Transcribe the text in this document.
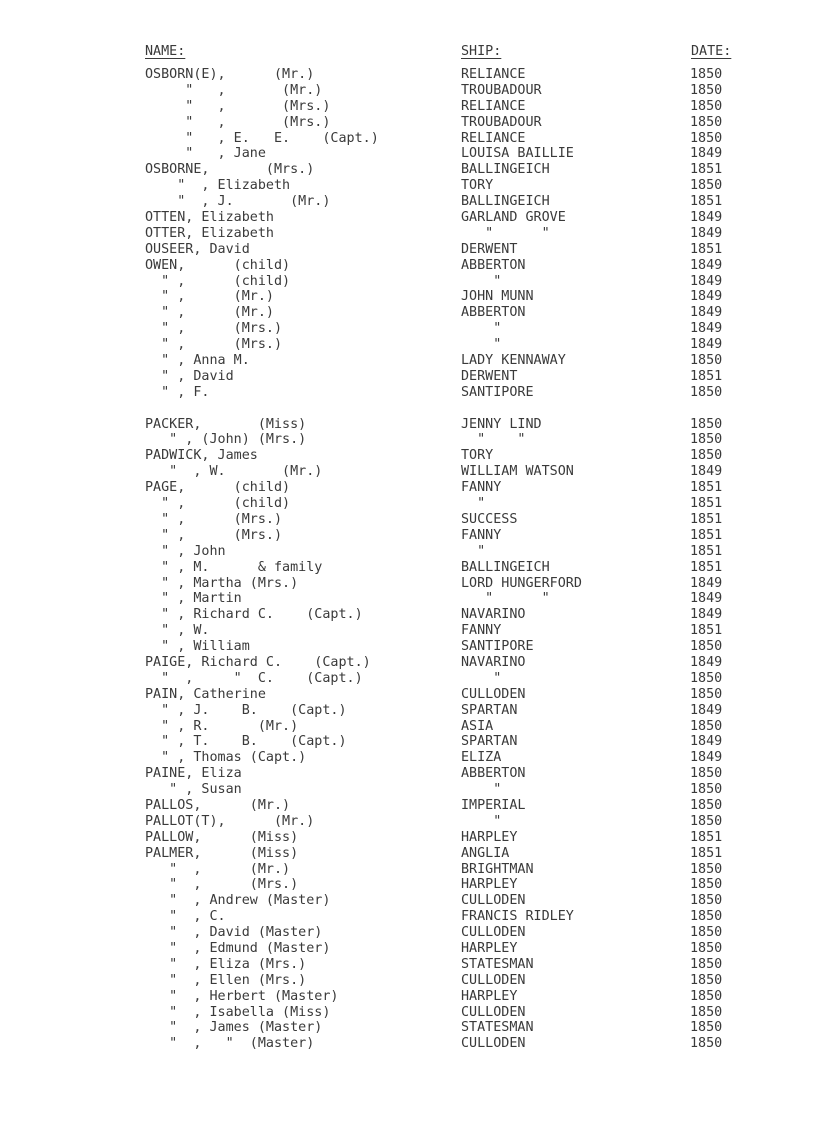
NAME:	SHIP:	DATE:
OSBORN(E),      (Mr.)	RELIANCE	1850
"   ,       (Mr.)	TROUBADOUR	1850
"   ,       (Mrs.)	RELIANCE	1850
"   ,       (Mrs.)	TROUBADOUR	1850
"   , E.   E.    (Capt.)	RELIANCE	1850
"   , Jane	LOUISA BAILLIE	1849
OSBORNE,       (Mrs.)	BALLINGEICH	1851
"  , Elizabeth	TORY	1850
"  , J.       (Mr.)	BALLINGEICH	1851
OTTEN, Elizabeth	GARLAND GROVE	1849
OTTER, Elizabeth	"      "	1849
OUSEER, David	DERWENT	1851
OWEN,      (child)	ABBERTON	1849
" ,      (child)	"	1849
" ,      (Mr.)	JOHN MUNN	1849
" ,      (Mr.)	ABBERTON	1849
" ,      (Mrs.)	"	1849
" ,      (Mrs.)	"	1849
" , Anna M.	LADY KENNAWAY	1850
" , David	DERWENT	1851
" , F.	SANTIPORE	1850
PACKER,       (Miss)	JENNY LIND	1850
" , (John) (Mrs.)	"    "	1850
PADWICK, James	TORY	1850
"  , W.       (Mr.)	WILLIAM WATSON	1849
PAGE,      (child)	FANNY	1851
" ,      (child)	"	1851
" ,      (Mrs.)	SUCCESS	1851
" ,      (Mrs.)	FANNY	1851
" , John	"	1851
" , M.      & family	BALLINGEICH	1851
" , Martha (Mrs.)	LORD HUNGERFORD	1849
" , Martin	"      "	1849
" , Richard C.    (Capt.)	NAVARINO	1849
" , W.	FANNY	1851
" , William	SANTIPORE	1850
PAIGE, Richard C.    (Capt.)	NAVARINO	1849
"  ,     "  C.    (Capt.)	"	1850
PAIN, Catherine	CULLODEN	1850
" , J.    B.    (Capt.)	SPARTAN	1849
" , R.      (Mr.)	ASIA	1850
" , T.    B.    (Capt.)	SPARTAN	1849
" , Thomas (Capt.)	ELIZA	1849
PAINE, Eliza	ABBERTON	1850
" , Susan	"	1850
PALLOS,      (Mr.)	IMPERIAL	1850
PALLOT(T),      (Mr.)	"	1850
PALLOW,      (Miss)	HARPLEY	1851
PALMER,      (Miss)	ANGLIA	1851
"  ,      (Mr.)	BRIGHTMAN	1850
"  ,      (Mrs.)	HARPLEY	1850
"  , Andrew (Master)	CULLODEN	1850
"  , C.	FRANCIS RIDLEY	1850
"  , David (Master)	CULLODEN	1850
"  , Edmund (Master)	HARPLEY	1850
"  , Eliza (Mrs.)	STATESMAN	1850
"  , Ellen (Mrs.)	CULLODEN	1850
"  , Herbert (Master)	HARPLEY	1850
"  , Isabella (Miss)	CULLODEN	1850
"  , James (Master)	STATESMAN	1850
"  ,   "  (Master)	CULLODEN	1850
